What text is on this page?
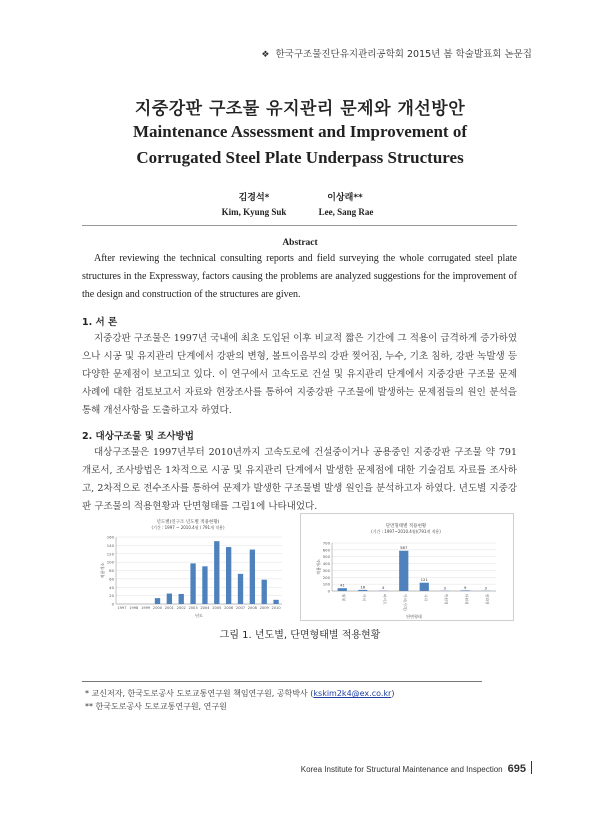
❖ 한국구조물진단유지관리공학회 2015년 봄 학술발표회 논문집
지중강판 구조물 유지관리 문제와 개선방안
Maintenance Assessment and Improvement of
Corrugated Steel Plate Underpass Structures
김경석*	이상래**
Kim, Kyung Suk	Lee, Sang Rae
Abstract
After reviewing the technical consulting reports and field surveying the whole corrugated steel plate structures in the Expressway, factors causing the problems are analyzed suggestions for the improvement of the design and construction of the structures are given.
1. 서 론
지중강판 구조물은 1997년 국내에 최초 도입된 이후 비교적 짧은 기간에 그 적용이 급격하게 증가하였으나 시공 및 유지관리 단계에서 강판의 변형, 볼트이음부의 강판 찢어짐, 누수, 기초 침하, 강판 녹발생 등 다양한 문제점이 보고되고 있다. 이 연구에서 고속도로 건설 및 유지관리 단계에서 지중강판 구조물 문제 사례에 대한 검토보고서 자료와 현장조사를 통하여 지중강판 구조물에 발생하는 문제점들의 원인 분석을 통해 개선사항을 도출하고자 하였다.
2. 대상구조물 및 조사방법
대상구조물은 1997년부터 2010년까지 고속도로에 건설중이거나 공용중인 지중강판 구조물 약 791개로서, 조사방법은 1차적으로 시공 및 유지관리 단계에서 발생한 문제점에 대한 기술검토 자료를 조사하고, 2차적으로 전수조사를 통하여 문제가 발생한 구조물별 발생 원인을 분석하고자 하였다. 년도별 지중강판 구조물의 적용현황과 단면형태를 그림1에 나타내었다.
년도별(연구조 년도별 적용현황)
(기간 : 1997 ~ 2010.4월 / 791개 적용)
0
20
40
60
80
100
120
140
160
1997 1998 1999 2000 2001 2002 2003 2004 2005 2006 2007 2008 2009 2010
년도
적용개소
단면형태별 적용현황
(기간 : 1997~2010.4월)(791개 적용)
0
100
200
300
400
500
600
700
원형
41
아치
16
파이프
4
아치(사각)
587
사각
121
반원형
3
타원형
9
변화형
3
단면형태
적용개소
그림 1. 년도별, 단면형태별 적용현황
* 교신저자, 한국도로공사 도로교통연구원 책임연구원, 공학박사 (kskim2k4@ex.co.kr)
** 한국도로공사 도로교통연구원, 연구원
Korea Institute for Structural Maintenance and Inspection 695
